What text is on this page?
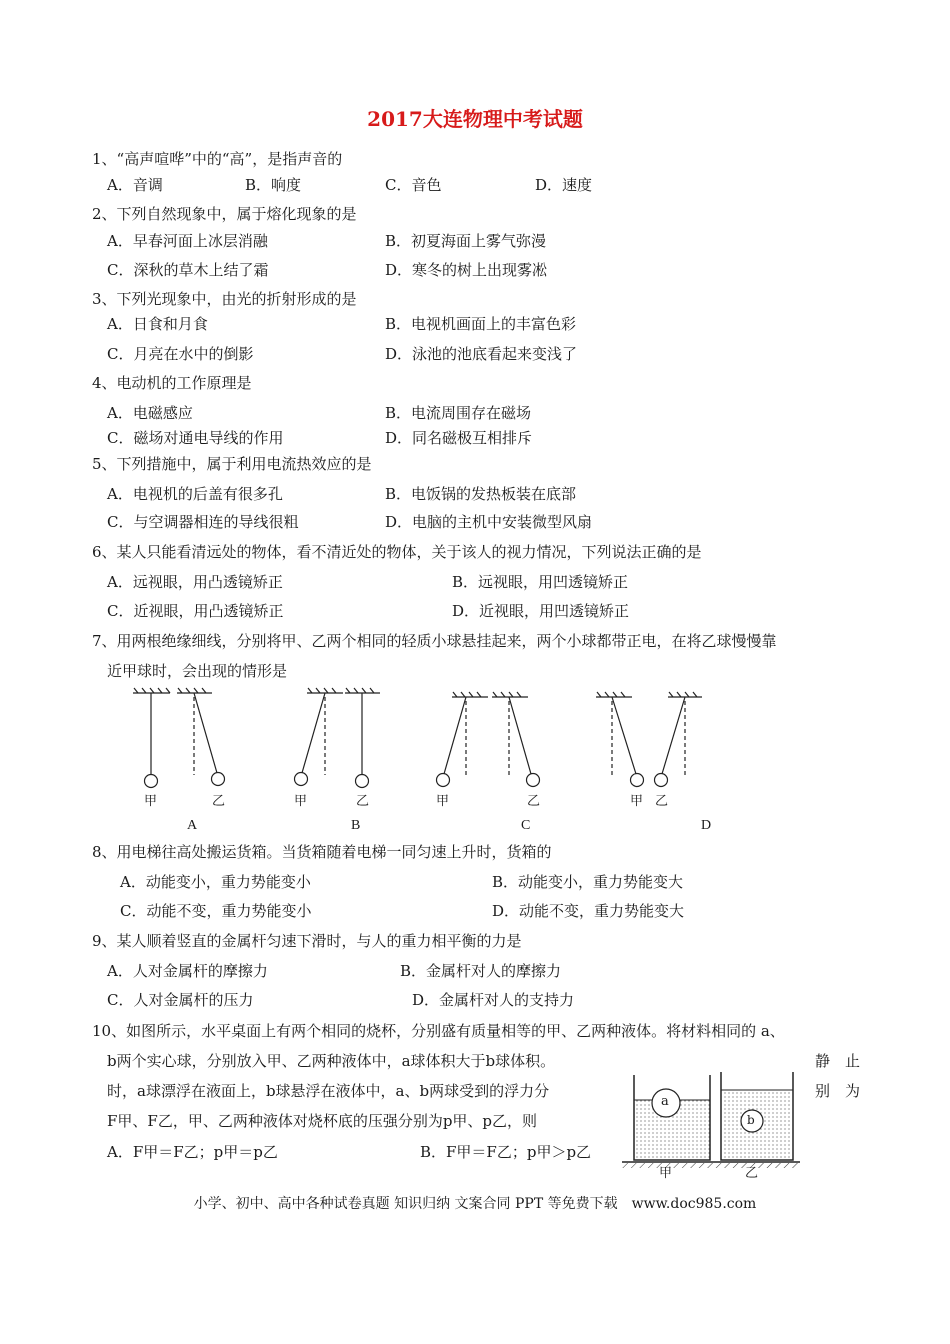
2017大连物理中考试题
1、“高声喧哗”中的“高”，是指声音的
A．音调	B．响度	C．音色	D．速度
2、下列自然现象中，属于熔化现象的是
A．早春河面上冰层消融	B．初夏海面上雾气弥漫
C．深秋的草木上结了霜	D．寒冬的树上出现雾凇
3、下列光现象中，由光的折射形成的是
A．日食和月食	B．电视机画面上的丰富色彩
C．月亮在水中的倒影	D．泳池的池底看起来变浅了
4、电动机的工作原理是
A．电磁感应	B．电流周围存在磁场
C．磁场对通电导线的作用	D．同名磁极互相排斥
5、下列措施中，属于利用电流热效应的是
A．电视机的后盖有很多孔	B．电饭锅的发热板装在底部
C．与空调器相连的导线很粗	D．电脑的主机中安装微型风扇
6、某人只能看清远处的物体，看不清近处的物体，关于该人的视力情况，下列说法正确的是
A．远视眼，用凸透镜矫正	B．远视眼，用凹透镜矫正
C．近视眼，用凸透镜矫正	D．近视眼，用凹透镜矫正
7、用两根绝缘细线，分别将甲、乙两个相同的轻质小球悬挂起来，两个小球都带正电，在将乙球慢慢靠
近甲球时，会出现的情形是
甲	乙	甲	乙	甲	乙	甲 乙
A	B	C	D
8、用电梯往高处搬运货箱。当货箱随着电梯一同匀速上升时，货箱的
A．动能变小，重力势能变小	B．动能变小，重力势能变大
C．动能不变，重力势能变小	D．动能不变，重力势能变大
9、某人顺着竖直的金属杆匀速下滑时，与人的重力相平衡的力是
A．人对金属杆的摩擦力	B．金属杆对人的摩擦力
C．人对金属杆的压力	D．金属杆对人的支持力
10、如图所示，水平桌面上有两个相同的烧杯，分别盛有质量相等的甲、乙两种液体。将材料相同的 a、
b两个实心球，分别放入甲、乙两种液体中，a球体积大于b球体积。	静　止
时，a球漂浮在液面上，b球悬浮在液体中，a、b两球受到的浮力分	别　为
F甲、F乙，甲、乙两种液体对烧杯底的压强分别为p甲、p乙，则
A．F甲＝F乙；p甲＝p乙	B．F甲＝F乙；p甲＞p乙
a
b
甲	乙
小学、初中、高中各种试卷真题 知识归纳 文案合同 PPT 等免费下载　www.doc985.com
